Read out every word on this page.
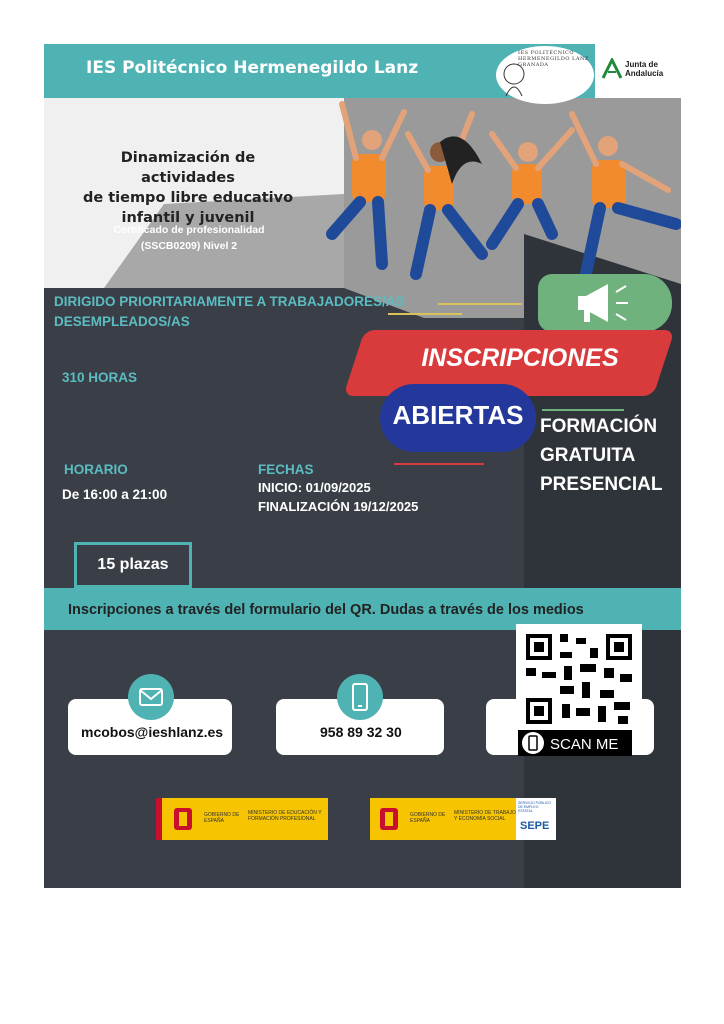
IES Politécnico Hermenegildo Lanz
IES POLITÉCNICO HERMENEGILDO LANZ GRANADA	Junta de Andalucía
Dinamización de actividades
de tiempo libre educativo
infantil y juvenil
Certificado de profesionalidad
(SSCB0209) Nivel 2
DIRIGIDO PRIORITARIAMENTE A TRABAJADORES/AS
DESEMPLEADOS/AS
INSCRIPCIONES
ABIERTAS FORMACIÓN
GRATUITA
PRESENCIAL
310 HORAS
HORARIO
De 16:00 a 21:00
FECHAS
INICIO: 01/09/2025
FINALIZACIÓN 19/12/2025
15 plazas
Inscripciones a través del formulario del QR. Dudas a través de los medios
mcobos@ieshlanz.es	958 89 32 30
SCAN ME
GOBIERNO DE ESPAÑA
MINISTERIO DE EDUCACIÓN Y FORMACIÓN PROFESIONAL
GOBIERNO DE ESPAÑA
MINISTERIO DE TRABAJO Y ECONOMÍA SOCIAL
SERVICIO PÚBLICO DE EMPLEO ESTATAL
SEPE
